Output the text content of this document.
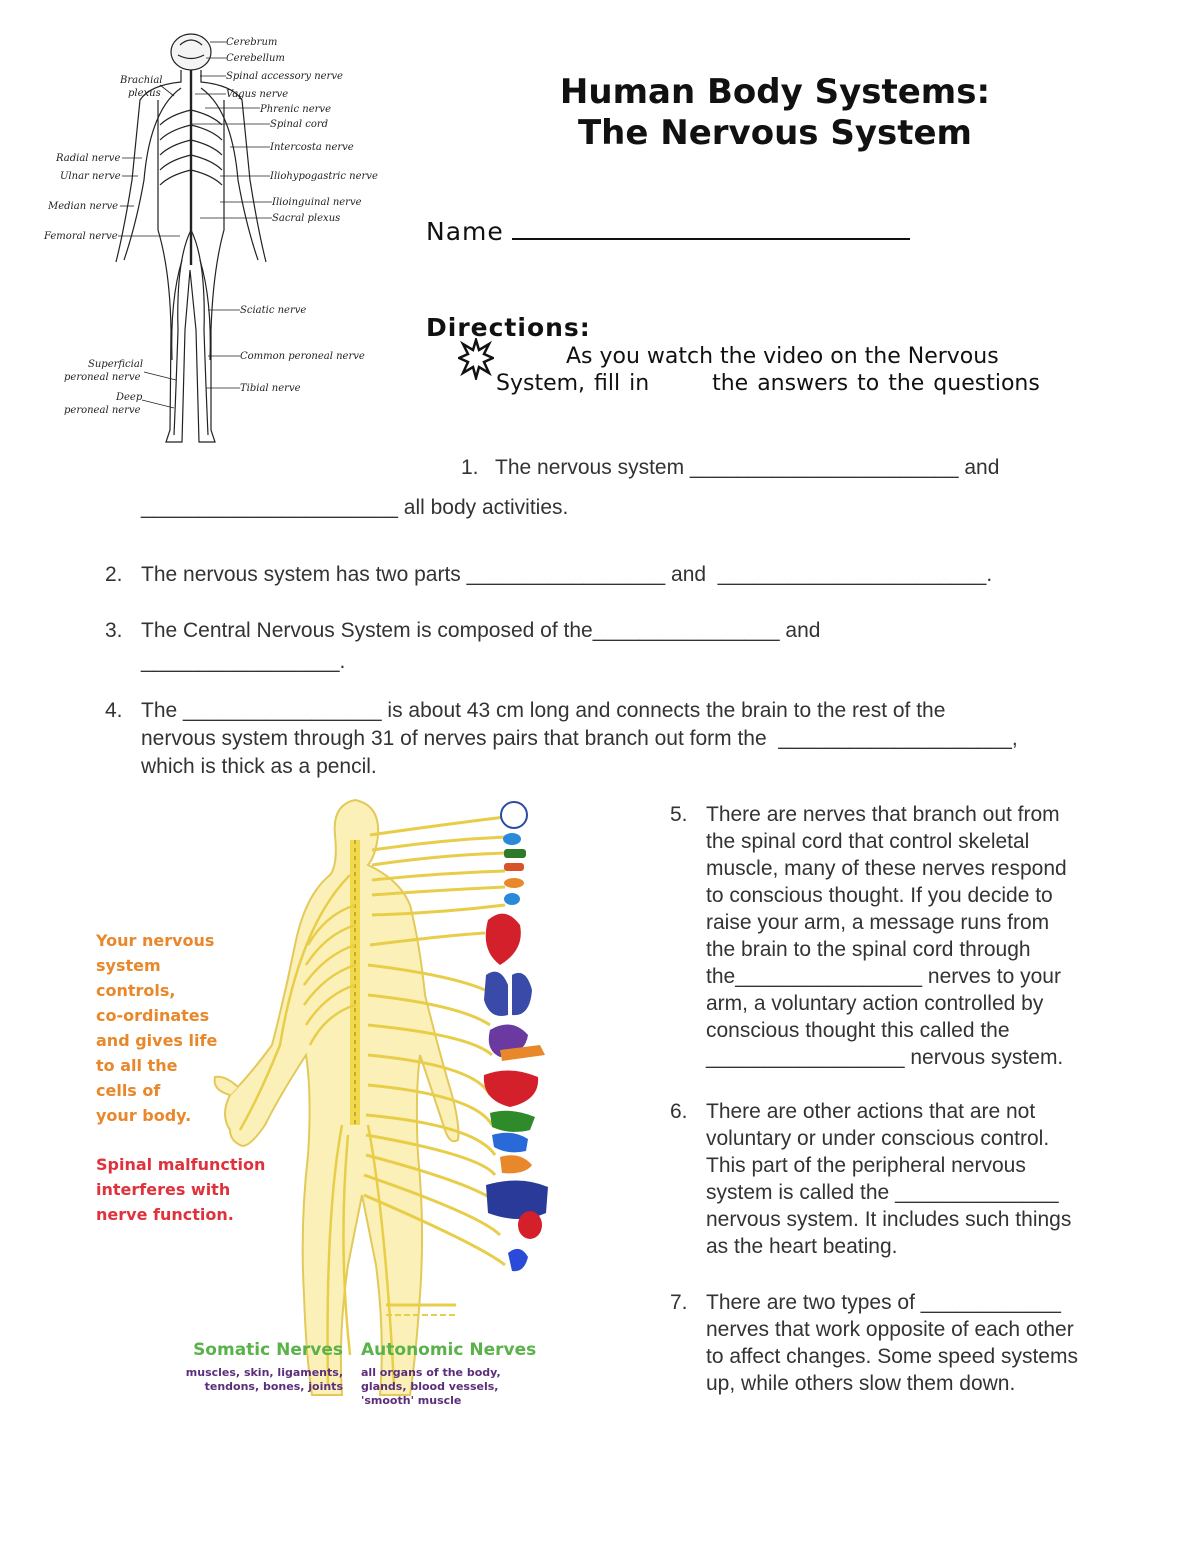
Cerebrum
Cerebellum
Spinal accessory nerve
Vagus nerve
Phrenic nerve
Spinal cord
Intercosta nerve
Iliohypogastric nerve
Ilioinguinal nerve
Sacral plexus
Sciatic nerve
Common peroneal nerve
Tibial nerve
Brachial
plexus
Radial nerve
Ulnar nerve
Median nerve
Femoral nerve
Superficial
peroneal nerve
Deep
peroneal nerve
Human Body Systems:
The Nervous System
Name
Directions:
As you watch the video on the Nervous
System, fill in       the answers to the questions
1. The nervous system _______________________ and
______________________ all body activities.
2. The nervous system has two parts _________________ and  _______________________.
3. The Central Nervous System is composed of the________________ and
_________________.
4. The _________________ is about 43 cm long and connects the brain to the rest of the
nervous system through 31 of nerves pairs that branch out form the  ____________________,
which is thick as a pencil.
5. There are nerves that branch out from
the spinal cord that control skeletal
muscle, many of these nerves respond
to conscious thought. If you decide to
raise your arm, a message runs from
the brain to the spinal cord through
the________________ nerves to your
arm, a voluntary action controlled by
conscious thought this called the
_________________ nervous system.
6. There are other actions that are not
voluntary or under conscious control.
This part of the peripheral nervous
system is called the ______________
nervous system. It includes such things
as the heart beating.
7. There are two types of ____________
nerves that work opposite of each other
to affect changes. Some speed systems
up, while others slow them down.
Your nervous
system
controls,
co-ordinates
and gives life
to all the
cells of
your body.
Spinal malfunction
interferes with
nerve function.
Somatic Nerves
muscles, skin, ligaments,
tendons, bones, joints
Autonomic Nerves
all organs of the body,
glands, blood vessels,
'smooth' muscle
